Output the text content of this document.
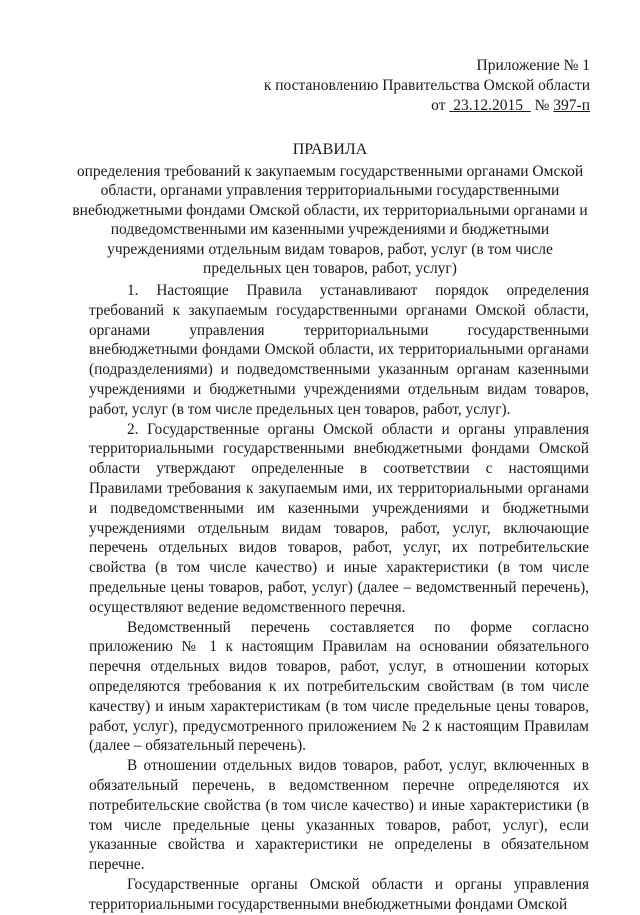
Приложение № 1
к постановлению Правительства Омской области
от 23.12.2015 № 397-п
ПРАВИЛА
определения требований к закупаемым государственными органами Омской
области, органами управления территориальными государственными
внебюджетными фондами Омской области, их территориальными органами и
подведомственными им казенными учреждениями и бюджетными
учреждениями отдельным видам товаров, работ, услуг (в том числе
предельных цен товаров, работ, услуг)

1. Настоящие Правила устанавливают порядок определения требований к закупаемым государственными органами Омской области, органами управления территориальными государственными внебюджетными фондами Омской области, их территориальными органами (подразделениями) и подведомственными указанным органам казенными учреждениями и бюджетными учреждениями отдельным видам товаров, работ, услуг (в том числе предельных цен товаров, работ, услуг).

2. Государственные органы Омской области и органы управления территориальными государственными внебюджетными фондами Омской области утверждают определенные в соответствии с настоящими Правилами требования к закупаемым ими, их территориальными органами и подведомственными им казенными учреждениями и бюджетными учреждениями отдельным видам товаров, работ, услуг, включающие перечень отдельных видов товаров, работ, услуг, их потребительские свойства (в том числе качество) и иные характеристики (в том числе предельные цены товаров, работ, услуг) (далее – ведомственный перечень), осуществляют ведение ведомственного перечня.

Ведомственный перечень составляется по форме согласно приложению № 1 к настоящим Правилам на основании обязательного перечня отдельных видов товаров, работ, услуг, в отношении которых определяются требования к их потребительским свойствам (в том числе качеству) и иным характеристикам (в том числе предельные цены товаров, работ, услуг), предусмотренного приложением № 2 к настоящим Правилам (далее – обязательный перечень).

В отношении отдельных видов товаров, работ, услуг, включенных в обязательный перечень, в ведомственном перечне определяются их потребительские свойства (в том числе качество) и иные характеристики (в том числе предельные цены указанных товаров, работ, услуг), если указанные свойства и характеристики не определены в обязательном перечне.

Государственные органы Омской области и органы управления территориальными государственными внебюджетными фондами Омской
